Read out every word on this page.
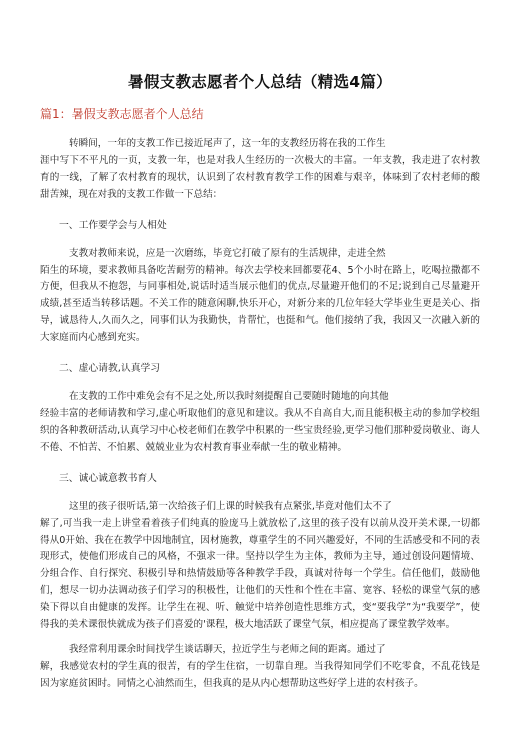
暑假支教志愿者个人总结（精选4篇）
篇1：暑假支教志愿者个人总结

转瞬间，一年的支教工作已接近尾声了，这一年的支教经历将在我的工作生
涯中写下不平凡的一页，支教一年，也是对我人生经历的一次极大的丰富。一年支教，我走进了农村教育的一线，了解了农村教育的现状，认识到了农村教育教学工作的困难与艰辛，体味到了农村老师的酸甜苦辣，现在对我的支教工作做一下总结：

一、工作要学会与人相处

支教对教师来说，应是一次磨练，毕竟它打破了原有的生活规律，走进全然
陌生的环境，要求教师具备吃苦耐劳的精神。每次去学校来回都要花4、5个小时在路上，吃喝拉撒都不方便，但我从不抱怨，与同事相处,说话时适当展示他们的优点,尽量避开他们的不足;说到自己尽量避开成绩,甚至适当转移话题。不关工作的随意闲聊,快乐开心，对新分来的几位年轻大学毕业生更是关心、指导，诚恳待人,久而久之，同事们认为我勤快，肯帮忙，也挺和气。他们接纳了我，我因又一次融入新的大家庭而内心感到充实。

二、虚心请教,认真学习

在支教的工作中难免会有不足之处,所以我时刻提醒自己要随时随地的向其他
经验丰富的老师请教和学习,虚心听取他们的意见和建议。我从不自高自大,而且能积极主动的参加学校组织的各种教研活动,认真学习中心校老师们在教学中积累的一些宝贵经验,更学习他们那种爱岗敬业、诲人不倦、不怕苦、不怕累、兢兢业业为农村教育事业奉献一生的敬业精神。

三、诚心诚意教书育人

这里的孩子很听话,第一次给孩子们上课的时候我有点紧张,毕竟对他们太不了
解了,可当我一走上讲堂看着孩子们纯真的脸庞马上就放松了,这里的孩子没有以前从没开美术课,一切都得从0开始、我在在教学中因地制宜，因材施教，尊重学生的不同兴趣爱好，不同的生活感受和不同的表现形式，使他们形成自己的风格，不强求一律。坚持以学生为主体，教师为主导，通过创设问题情境、分组合作、自行探究、积极引导和热情鼓励等各种教学手段，真诚对待每一个学生。信任他们，鼓励他们，想尽一切办法调动孩子们学习的积极性，让他们的天性和个性在丰富、宽容、轻松的课堂气氛的感染下得以自由健康的发挥。让学生在视、听、触觉中培养创造性思维方式，变“要我学”为“我要学”，使得我的美术课很快就成为孩子们喜爱的'课程，极大地活跃了课堂气氛，相应提高了课堂教学效率。

我经常利用课余时间找学生谈话聊天，拉近学生与老师之间的距离。通过了
解，我感觉农村的学生真的很苦，有的学生住宿，一切靠自理。当我得知同学们不吃零食，不乱花钱是因为家庭贫困时。同情之心油然而生，但我真的是从内心想帮助这些好学上进的农村孩子。
